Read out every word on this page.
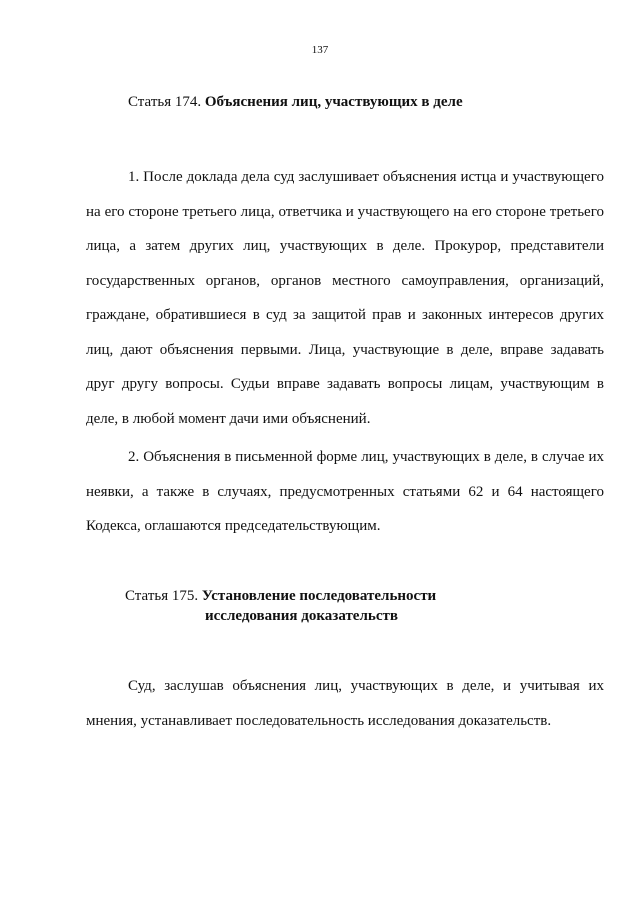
137
Статья 174. Объяснения лиц, участвующих в деле

1. После доклада дела суд заслушивает объяснения истца и участвующего на его стороне третьего лица, ответчика и участвующего на его стороне третьего лица, а затем других лиц, участвующих в деле. Прокурор, представители государственных органов, органов местного самоуправления, организаций, граждане, обратившиеся в суд за защитой прав и законных интересов других лиц, дают объяснения первыми. Лица, участвующие в деле, вправе задавать друг другу вопросы. Судьи вправе задавать вопросы лицам, участвующим в деле, в любой момент дачи ими объяснений.

2. Объяснения в письменной форме лиц, участвующих в деле, в случае их неявки, а также в случаях, предусмотренных статьями 62 и 64 настоящего Кодекса, оглашаются председательствующим.

Статья 175. Установление последовательности
исследования доказательств

Суд, заслушав объяснения лиц, участвующих в деле, и учитывая их мнения, устанавливает последовательность исследования доказательств.
